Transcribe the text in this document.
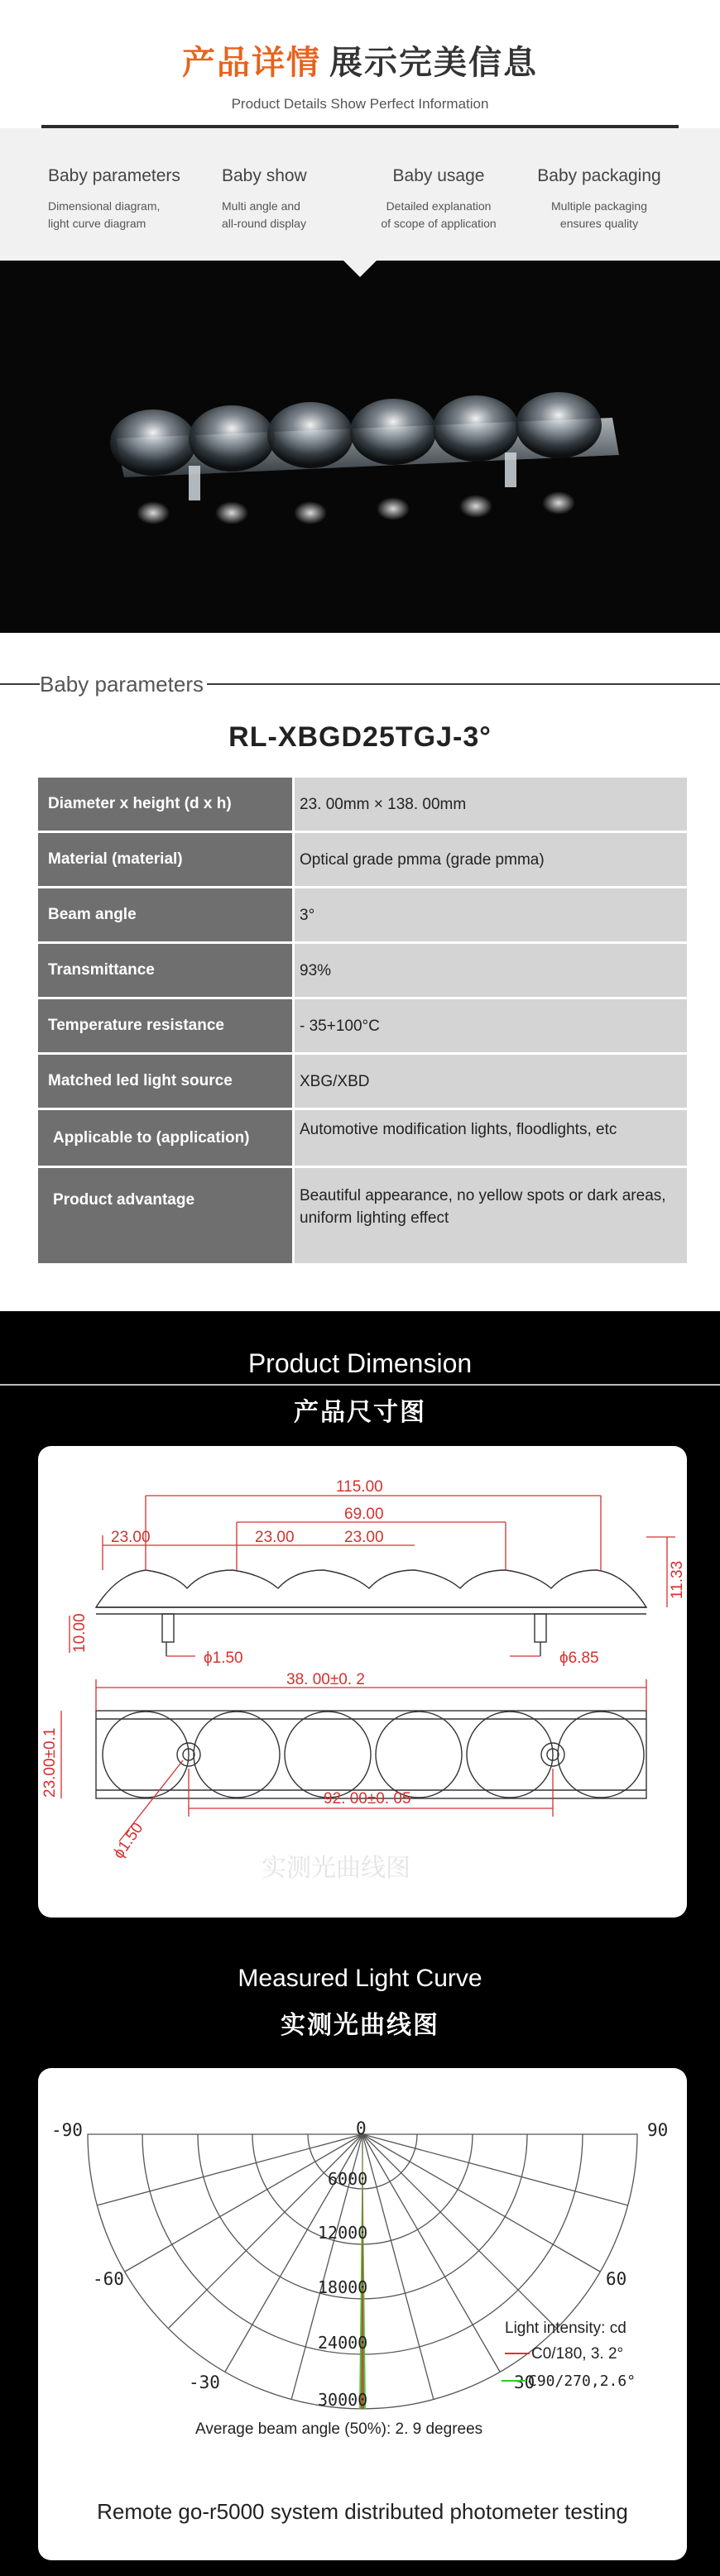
产品详情 展示完美信息
Product Details Show Perfect Information
Baby parameters
Dimensional diagram,
light curve diagram
Baby show
Multi angle and
all-round display
Baby usage
Detailed explanation
of scope of application
Baby packaging
Multiple packaging
ensures quality
Baby parameters
RL-XBGD25TGJ-3°
Diameter x height (d x h)	23. 00mm × 138. 00mm
Material (material)	Optical grade pmma (grade pmma)
Beam angle	3°
Transmittance	93%
Temperature resistance	- 35+100°C
Matched led light source	XBG/XBD
Applicable to (application)	Automotive modification lights, floodlights, etc
Product advantage	Beautiful appearance, no yellow spots or dark areas, uniform lighting effect
Product Dimension
产品尺寸图
115.00
69.00
23.00	23.00	23.00
11.33
10.00
ϕ1.50	ϕ6.85
38. 00±0. 2
23.00±0.1
92. 00±0. 05
ϕ1.50
实测光曲线图
Measured Light Curve
实测光曲线图
-90	90
0
-60	60
-30	30
6000
12000
18000
24000
30000
Light intensity: cd
C0/180, 3. 2°
C90/270,2.6°
Average beam angle (50%): 2. 9 degrees
Remote go-r5000 system distributed photometer testing
